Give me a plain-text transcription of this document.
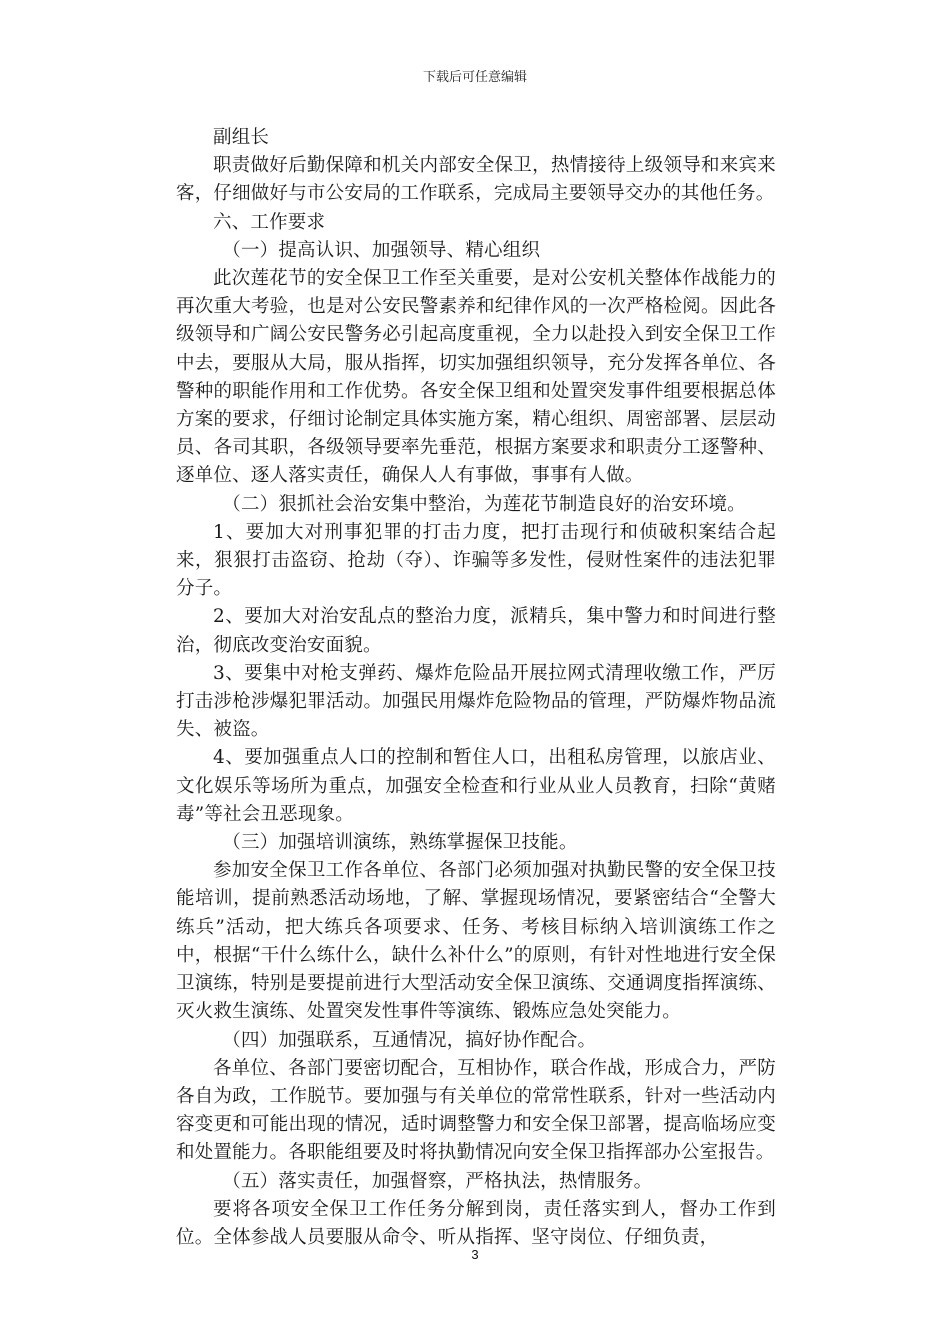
下载后可任意编辑

副组长

职责做好后勤保障和机关内部安全保卫，热情接待上级领导和来宾来客，仔细做好与市公安局的工作联系，完成局主要领导交办的其他任务。

六、工作要求

（一）提高认识、加强领导、精心组织

此次莲花节的安全保卫工作至关重要，是对公安机关整体作战能力的再次重大考验，也是对公安民警素养和纪律作风的一次严格检阅。因此各级领导和广阔公安民警务必引起高度重视，全力以赴投入到安全保卫工作中去，要服从大局，服从指挥，切实加强组织领导，充分发挥各单位、各警种的职能作用和工作优势。各安全保卫组和处置突发事件组要根据总体方案的要求，仔细讨论制定具体实施方案，精心组织、周密部署、层层动员、各司其职，各级领导要率先垂范，根据方案要求和职责分工逐警种、逐单位、逐人落实责任，确保人人有事做，事事有人做。

（二）狠抓社会治安集中整治，为莲花节制造良好的治安环境。

1、要加大对刑事犯罪的打击力度，把打击现行和侦破积案结合起来，狠狠打击盗窃、抢劫（夺）、诈骗等多发性，侵财性案件的违法犯罪分子。

2、要加大对治安乱点的整治力度，派精兵，集中警力和时间进行整治，彻底改变治安面貌。

3、要集中对枪支弹药、爆炸危险品开展拉网式清理收缴工作，严厉打击涉枪涉爆犯罪活动。加强民用爆炸危险物品的管理，严防爆炸物品流失、被盗。

4、要加强重点人口的控制和暂住人口，出租私房管理，以旅店业、文化娱乐等场所为重点，加强安全检查和行业从业人员教育，扫除“黄赌毒”等社会丑恶现象。

（三）加强培训演练，熟练掌握保卫技能。

参加安全保卫工作各单位、各部门必须加强对执勤民警的安全保卫技能培训，提前熟悉活动场地，了解、掌握现场情况，要紧密结合“全警大练兵”活动，把大练兵各项要求、任务、考核目标纳入培训演练工作之中，根据“干什么练什么，缺什么补什么”的原则，有针对性地进行安全保卫演练，特别是要提前进行大型活动安全保卫演练、交通调度指挥演练、灭火救生演练、处置突发性事件等演练、锻炼应急处突能力。

（四）加强联系，互通情况，搞好协作配合。

各单位、各部门要密切配合，互相协作，联合作战，形成合力，严防各自为政，工作脱节。要加强与有关单位的常常性联系，针对一些活动内容变更和可能出现的情况，适时调整警力和安全保卫部署，提高临场应变和处置能力。各职能组要及时将执勤情况向安全保卫指挥部办公室报告。

（五）落实责任，加强督察，严格执法，热情服务。

要将各项安全保卫工作任务分解到岗，责任落实到人，督办工作到位。全体参战人员要服从命令、听从指挥、坚守岗位、仔细负责，

3
